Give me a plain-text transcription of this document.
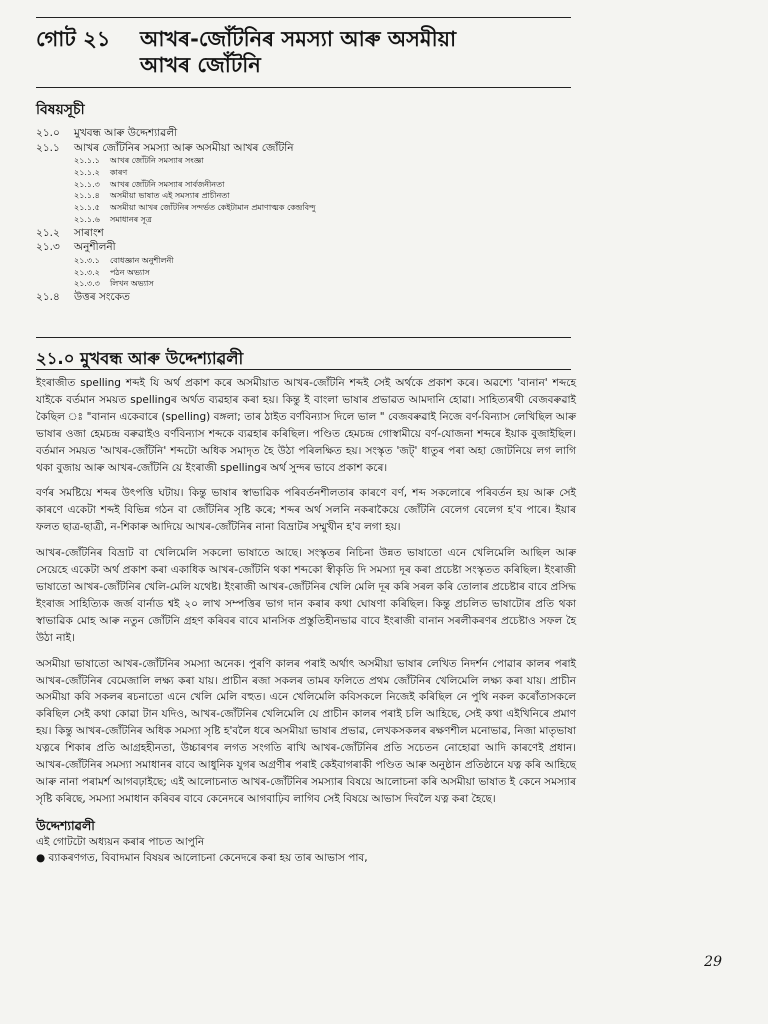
গোট ২১ আখৰ-জোঁটনিৰ সমস্যা আৰু অসমীয়া
আখৰ জোঁটনি
বিষয়সূচী
২১.০ মুখবন্ধ আৰু উদ্দেশ্যাৱলী
২১.১ আখৰ জোঁটনিৰ সমস্যা আৰু অসমীয়া আখৰ জোঁটনি
২১.১.১ আখৰ জোঁটনি সমস্যাৰ সংজ্ঞা
২১.১.২ কাৰণ
২১.১.৩ আখৰ জোঁটনি সমস্যাৰ সাৰ্বজনীনতা
২১.১.৪ অসমীয়া ভাষাত এই সমস্যাৰ প্ৰাচীনতা
২১.১.৫ অসমীয়া আখৰ জোঁটনিৰ সন্দৰ্ভত কেইটামান প্ৰমাণাত্মক কেন্দ্ৰবিন্দু
২১.১.৬ সমাধানৰ সূত্ৰ
২১.২ সাৰাংশ
২১.৩ অনুশীলনী
২১.৩.১ বোধজ্ঞান অনুশীলনী
২১.৩.২ পঠন অভ্যাস
২১.৩.৩ লিখন অভ্যাস
২১.৪ উত্তৰ সংকেত
২১.০ মুখবন্ধ আৰু উদ্দেশ্যাৱলী

ইংৰাজীত spelling শব্দই যি অৰ্থ প্ৰকাশ কৰে অসমীয়াত আখৰ-জোঁটনি শব্দই সেই অৰ্থকে প্ৰকাশ কৰে। অৱশ্যে 'বানান' শব্দহে যাইকে বৰ্তমান সময়ত spellingৰ অৰ্থত ব্যৱহাৰ কৰা হয়। কিন্তু ই বাংলা ভাষাৰ প্ৰভাৱত আমদানি হোৱা। সাহিত্যৰথী বেজবৰুৱাই কৈছিল ঃ "বানান একেবাৰে (spelling) বঙ্গলা; তাৰ ঠাইত বৰ্ণবিন্যাস দিলে ভাল " বেজবৰুৱাই নিজে বৰ্ণ-বিন্যাস লেখিছিল আৰু ভাষাৰ ওজা হেমচন্দ্ৰ বৰুৱাইও বৰ্ণবিন্যাস শব্দকে ব্যৱহাৰ কৰিছিল। পণ্ডিত হেমচন্দ্ৰ গোস্বামীয়ে বৰ্ণ-যোজনা শব্দৰে ইয়াক বুজাইছিল। বৰ্তমান সময়ত 'আখৰ-জোঁটনি' শব্দটো অধিক সমাদৃত হৈ উঠা পৰিলক্ষিত হয়। সংস্কৃত 'জট্' ধাতুৰ পৰা অহা জোটনিয়ে লগ লাগি থকা বুজায় আৰু আখৰ-জোঁটনি য়ে ইংৰাজী spellingৰ অৰ্থ সুন্দৰ ভাবে প্ৰকাশ কৰে।

বৰ্ণৰ সমষ্টিয়ে শব্দৰ উৎপত্তি ঘটায়। কিন্তু ভাষাৰ স্বাভাৱিক পৰিবৰ্তনশীলতাৰ কাৰণে বৰ্ণ, শব্দ সকলোৰে পৰিবৰ্তন হয় আৰু সেই কাৰণে একেটা শব্দই বিভিন্ন গঠন বা জোঁটনিৰ সৃষ্টি কৰে; শব্দৰ অৰ্থ সলনি নকৰাকৈয়ে জোঁটনি বেলেগ বেলেগ হ'ব পাৰে। ইয়াৰ ফলত ছাত্ৰ-ছাত্ৰী, ন-শিকাৰু আদিয়ে আখৰ-জোঁটনিৰ নানা বিভ্ৰাটৰ সম্মুখীন হ'ব লগা হয়।

আখৰ-জোঁটনিৰ বিভ্ৰাট বা খেলিমেলি সকলো ভাষাতে আছে। সংস্কৃতৰ নিচিনা উন্নত ভাষাতো এনে খেলিমেলি আছিল আৰু সেয়েহে একেটা অৰ্থ প্ৰকাশ কৰা একাধিক আখৰ-জোঁটনি থকা শব্দকো স্বীকৃতি দি সমস্যা দূৰ কৰা প্ৰচেষ্টা সংস্কৃতত কৰিছিল। ইংৰাজী ভাষাতো আখৰ-জোঁটনিৰ খেলি-মেলি যথেষ্ট। ইংৰাজী আখৰ-জোঁটনিৰ খেলি মেলি দূৰ কৰি সৰল কৰি তোলাৰ প্ৰচেষ্টাৰ বাবে প্ৰসিদ্ধ ইংৰাজ সাহিত্যিক জৰ্জ বাৰ্নাড শ্বই ২০ লাখ সম্পত্তিৰ ভাগ দান কৰাৰ কথা ঘোষণা কৰিছিল। কিন্তু প্ৰচলিত ভাষাটোৰ প্ৰতি থকা স্বাভাৱিক মোহ আৰু নতুন জোঁটনি গ্ৰহণ কৰিবৰ বাবে মানসিক প্ৰস্তুতিহীনভাৱ বাবে ইংৰাজী বানান সৰলীকৰণৰ প্ৰচেষ্টাও সফল হৈ উঠা নাই।

অসমীয়া ভাষাতো আখৰ-জোঁটনিৰ সমস্যা অনেক। পুৰণি কালৰ পৰাই অৰ্থাৎ অসমীয়া ভাষাৰ লেখিত নিদৰ্শন পোৱাৰ কালৰ পৰাই আখৰ-জোঁটনিৰ বেমেজালি লক্ষ্য কৰা যায়। প্ৰাচীন ৰজা সকলৰ তামৰ ফলিতে প্ৰথম জোঁটনিৰ খেলিমেলি লক্ষ্য কৰা যায়। প্ৰাচীন অসমীয়া কবি সকলৰ ৰচনাতো এনে খেলি মেলি বহুত। এনে খেলিমেলি কবিসকলে নিজেই কৰিছিল নে পুথি নকল কৰোঁতাসকলে কৰিছিল সেই কথা কোৱা টান যদিও, আখৰ-জোঁটনিৰ খেলিমেলি যে প্ৰাচীন কালৰ পৰাই চলি আহিছে, সেই কথা এইখিনিৰে প্ৰমাণ হয়। কিন্তু আখৰ-জোঁটনিৰ অধিক সমস্যা সৃষ্টি হ'বলৈ ধৰে অসমীয়া ভাষাৰ প্ৰভাৱ, লেখকসকলৰ ৰক্ষণশীল মনোভাৱ, নিজা মাতৃভাষা যত্নৰে শিকাৰ প্ৰতি আগ্ৰহহীনতা, উচ্চাৰণৰ লগত সংগতি ৰাখি আখৰ-জোঁটনিৰ প্ৰতি সচেতন নোহোৱা আদি কাৰণেই প্ৰধান। আখৰ-জোঁটনিৰ সমস্যা সমাধানৰ বাবে আধুনিক যুগৰ অগ্ৰণীৰ পৰাই কেইবাগৰাকী পণ্ডিত আৰু অনুষ্ঠান প্ৰতিষ্ঠানে যত্ন কৰি আহিছে আৰু নানা পৰামৰ্শ আগবঢ়াইছে; এই আলোচনাত আখৰ-জোঁটনিৰ সমস্যাৰ বিষয়ে আলোচনা কৰি অসমীয়া ভাষাত ই কেনে সমস্যাৰ সৃষ্টি কৰিছে, সমস্যা সমাধান কৰিবৰ বাবে কেনেদৰে আগবাঢ়িব লাগিব সেই বিষয়ে আভাস দিবলৈ যত্ন কৰা হৈছে।

উদ্দেশ্যাৱলী
এই গোটটো অধ্যয়ন কৰাৰ পাচত আপুনি
● ব্যাকৰণগত, বিবাদমান বিষয়ৰ আলোচনা কেনেদৰে কৰা হয় তাৰ আভাস পাব,
29
